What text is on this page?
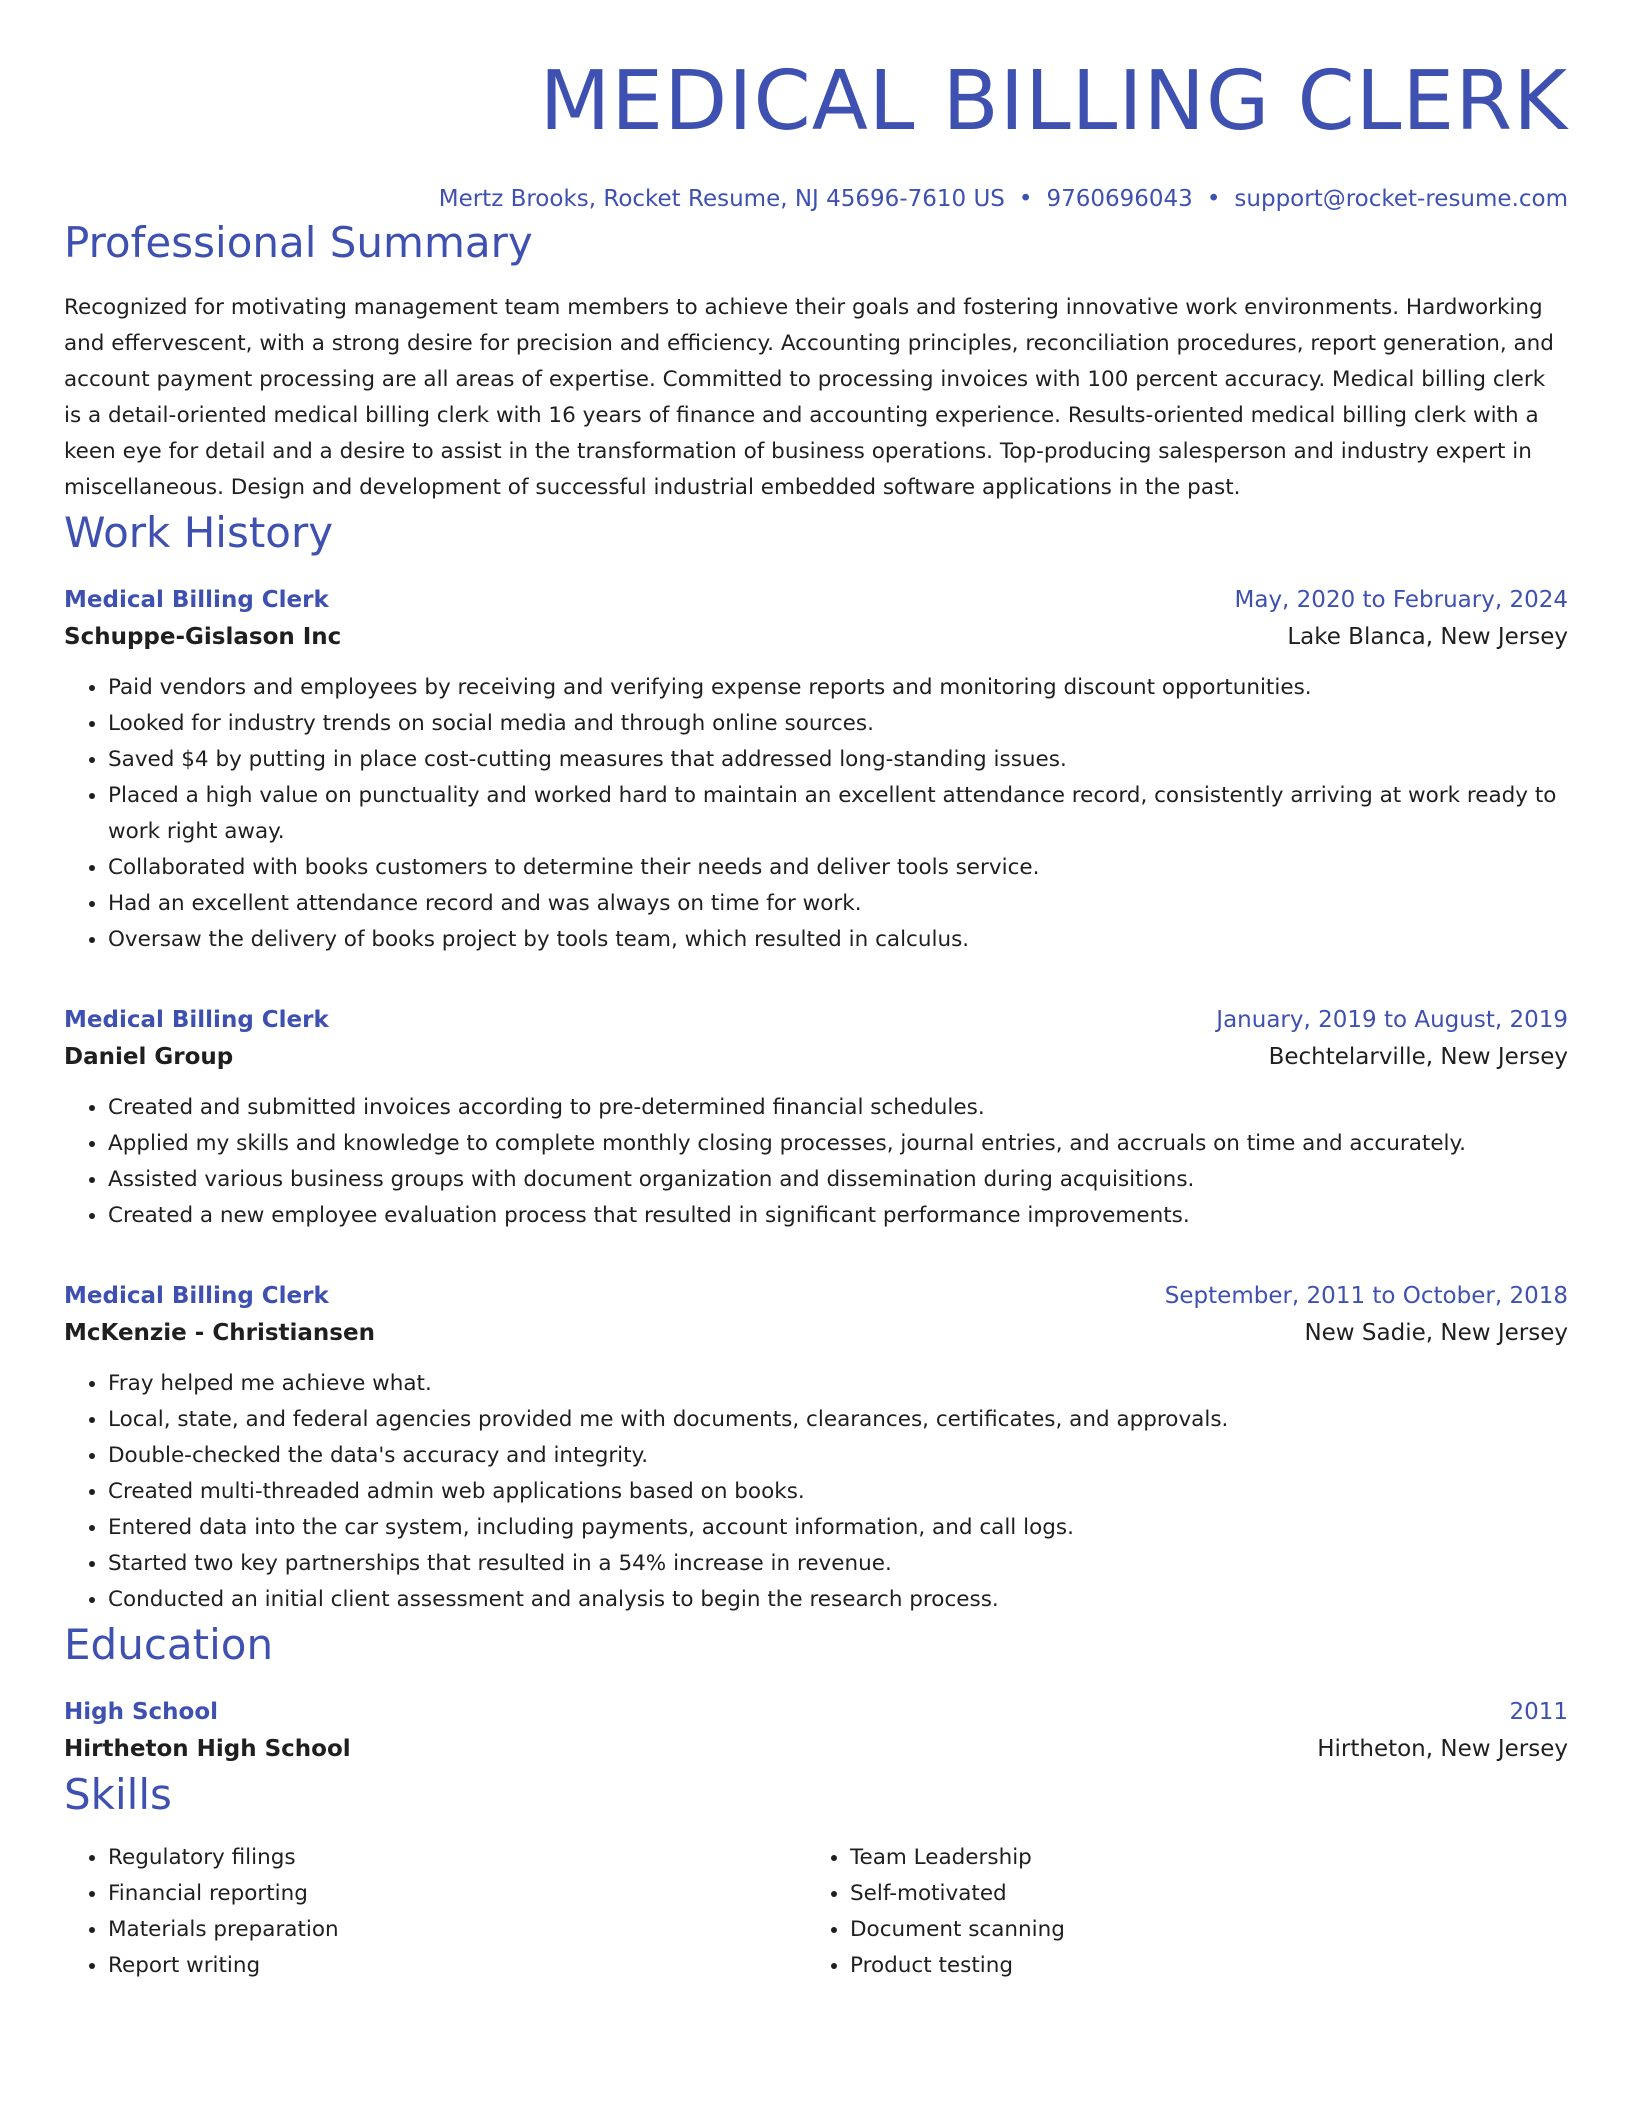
MEDICAL BILLING CLERK
Mertz Brooks, Rocket Resume, NJ 45696-7610 US • 9760696043 • support@rocket-resume.com
Professional Summary

Recognized for motivating management team members to achieve their goals and fostering innovative work environments. Hardworking and effervescent, with a strong desire for precision and efficiency. Accounting principles, reconciliation procedures, report generation, and account payment processing are all areas of expertise. Committed to processing invoices with 100 percent accuracy. Medical billing clerk is a detail-oriented medical billing clerk with 16 years of finance and accounting experience. Results-oriented medical billing clerk with a keen eye for detail and a desire to assist in the transformation of business operations. Top-producing salesperson and industry expert in miscellaneous. Design and development of successful industrial embedded software applications in the past.

Work History
Medical Billing Clerk	May, 2020 to February, 2024
Schuppe-Gislason Inc	Lake Blanca, New Jersey
• Paid vendors and employees by receiving and verifying expense reports and monitoring discount opportunities.
• Looked for industry trends on social media and through online sources.
• Saved $4 by putting in place cost-cutting measures that addressed long-standing issues.
• Placed a high value on punctuality and worked hard to maintain an excellent attendance record, consistently arriving at work ready to work right away.
• Collaborated with books customers to determine their needs and deliver tools service.
• Had an excellent attendance record and was always on time for work.
• Oversaw the delivery of books project by tools team, which resulted in calculus.
Medical Billing Clerk	January, 2019 to August, 2019
Daniel Group	Bechtelarville, New Jersey
• Created and submitted invoices according to pre-determined financial schedules.
• Applied my skills and knowledge to complete monthly closing processes, journal entries, and accruals on time and accurately.
• Assisted various business groups with document organization and dissemination during acquisitions.
• Created a new employee evaluation process that resulted in significant performance improvements.
Medical Billing Clerk	September, 2011 to October, 2018
McKenzie - Christiansen	New Sadie, New Jersey
• Fray helped me achieve what.
• Local, state, and federal agencies provided me with documents, clearances, certificates, and approvals.
• Double-checked the data's accuracy and integrity.
• Created multi-threaded admin web applications based on books.
• Entered data into the car system, including payments, account information, and call logs.
• Started two key partnerships that resulted in a 54% increase in revenue.
• Conducted an initial client assessment and analysis to begin the research process.
Education
High School	2011
Hirtheton High School	Hirtheton, New Jersey
Skills
• Regulatory filings
• Financial reporting
• Materials preparation
• Report writing
• Team Leadership
• Self-motivated
• Document scanning
• Product testing
